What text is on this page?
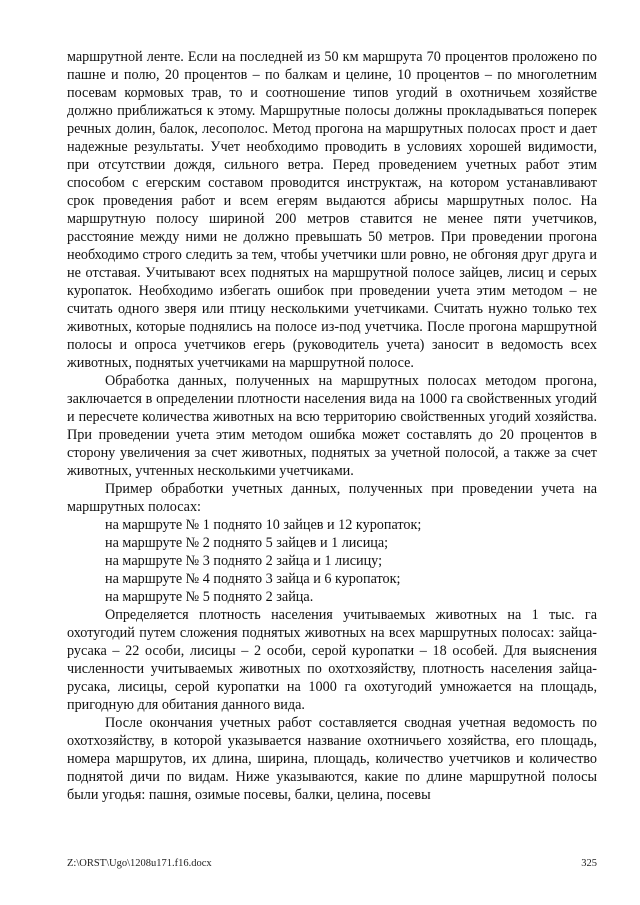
маршрутной ленте. Если на последней из 50 км маршрута 70 процентов проложено по пашне и полю, 20 процентов – по балкам и целине, 10 процентов – по многолетним посевам кормовых трав, то и соотношение типов угодий в охотничьем хозяйстве должно приближаться к этому. Маршрутные полосы должны прокладываться поперек речных долин, балок, лесополос. Метод прогона на маршрутных полосах прост и дает надежные результаты. Учет необходимо проводить в условиях хорошей видимости, при отсутствии дождя, сильного ветра. Перед проведением учетных работ этим способом с егерским составом проводится инструктаж, на котором устанавливают срок проведения работ и всем егерям выдаются абрисы маршрутных полос. На маршрутную полосу шириной 200 метров ставится не менее пяти учетчиков, расстояние между ними не должно превышать 50 метров. При проведении прогона необходимо строго следить за тем, чтобы учетчики шли ровно, не обгоняя друг друга и не отставая. Учитывают всех поднятых на маршрутной полосе зайцев, лисиц и серых куропаток. Необходимо избегать ошибок при проведении учета этим методом – не считать одного зверя или птицу несколькими учетчиками. Считать нужно только тех животных, которые поднялись на полосе из-под учетчика. После прогона маршрутной полосы и опроса учетчиков егерь (руководитель учета) заносит в ведомость всех животных, поднятых учетчиками на маршрутной полосе.

Обработка данных, полученных на маршрутных полосах методом прогона, заключается в определении плотности населения вида на 1000 га свойственных угодий и пересчете количества животных на всю территорию свойственных угодий хозяйства. При проведении учета этим методом ошибка может составлять до 20 процентов в сторону увеличения за счет животных, поднятых за учетной полосой, а также за счет животных, учтенных несколькими учетчиками.

Пример обработки учетных данных, полученных при проведении учета на маршрутных полосах:

на маршруте № 1 поднято 10 зайцев и 12 куропаток;
на маршруте № 2 поднято 5 зайцев и 1 лисица;
на маршруте № 3 поднято 2 зайца и 1 лисицу;
на маршруте № 4 поднято 3 зайца и 6 куропаток;
на маршруте № 5 поднято 2 зайца.

Определяется плотность населения учитываемых животных на 1 тыс. га охотугодий путем сложения поднятых животных на всех маршрутных полосах: зайца-русака – 22 особи, лисицы – 2 особи, серой куропатки – 18 особей. Для выяснения численности учитываемых животных по охотхозяйству, плотность населения зайца-русака, лисицы, серой куропатки на 1000 га охотугодий умножается на площадь, пригодную для обитания данного вида.

После окончания учетных работ составляется сводная учетная ведомость по охотхозяйству, в которой указывается название охотничьего хозяйства, его площадь, номера маршрутов, их длина, ширина, площадь, количество учетчиков и количество поднятой дичи по видам. Ниже указываются, какие по длине маршрутной полосы были угодья: пашня, озимые посевы, балки, целина, посевы

Z:\ORST\Ugo\1208u171.f16.docx	325
